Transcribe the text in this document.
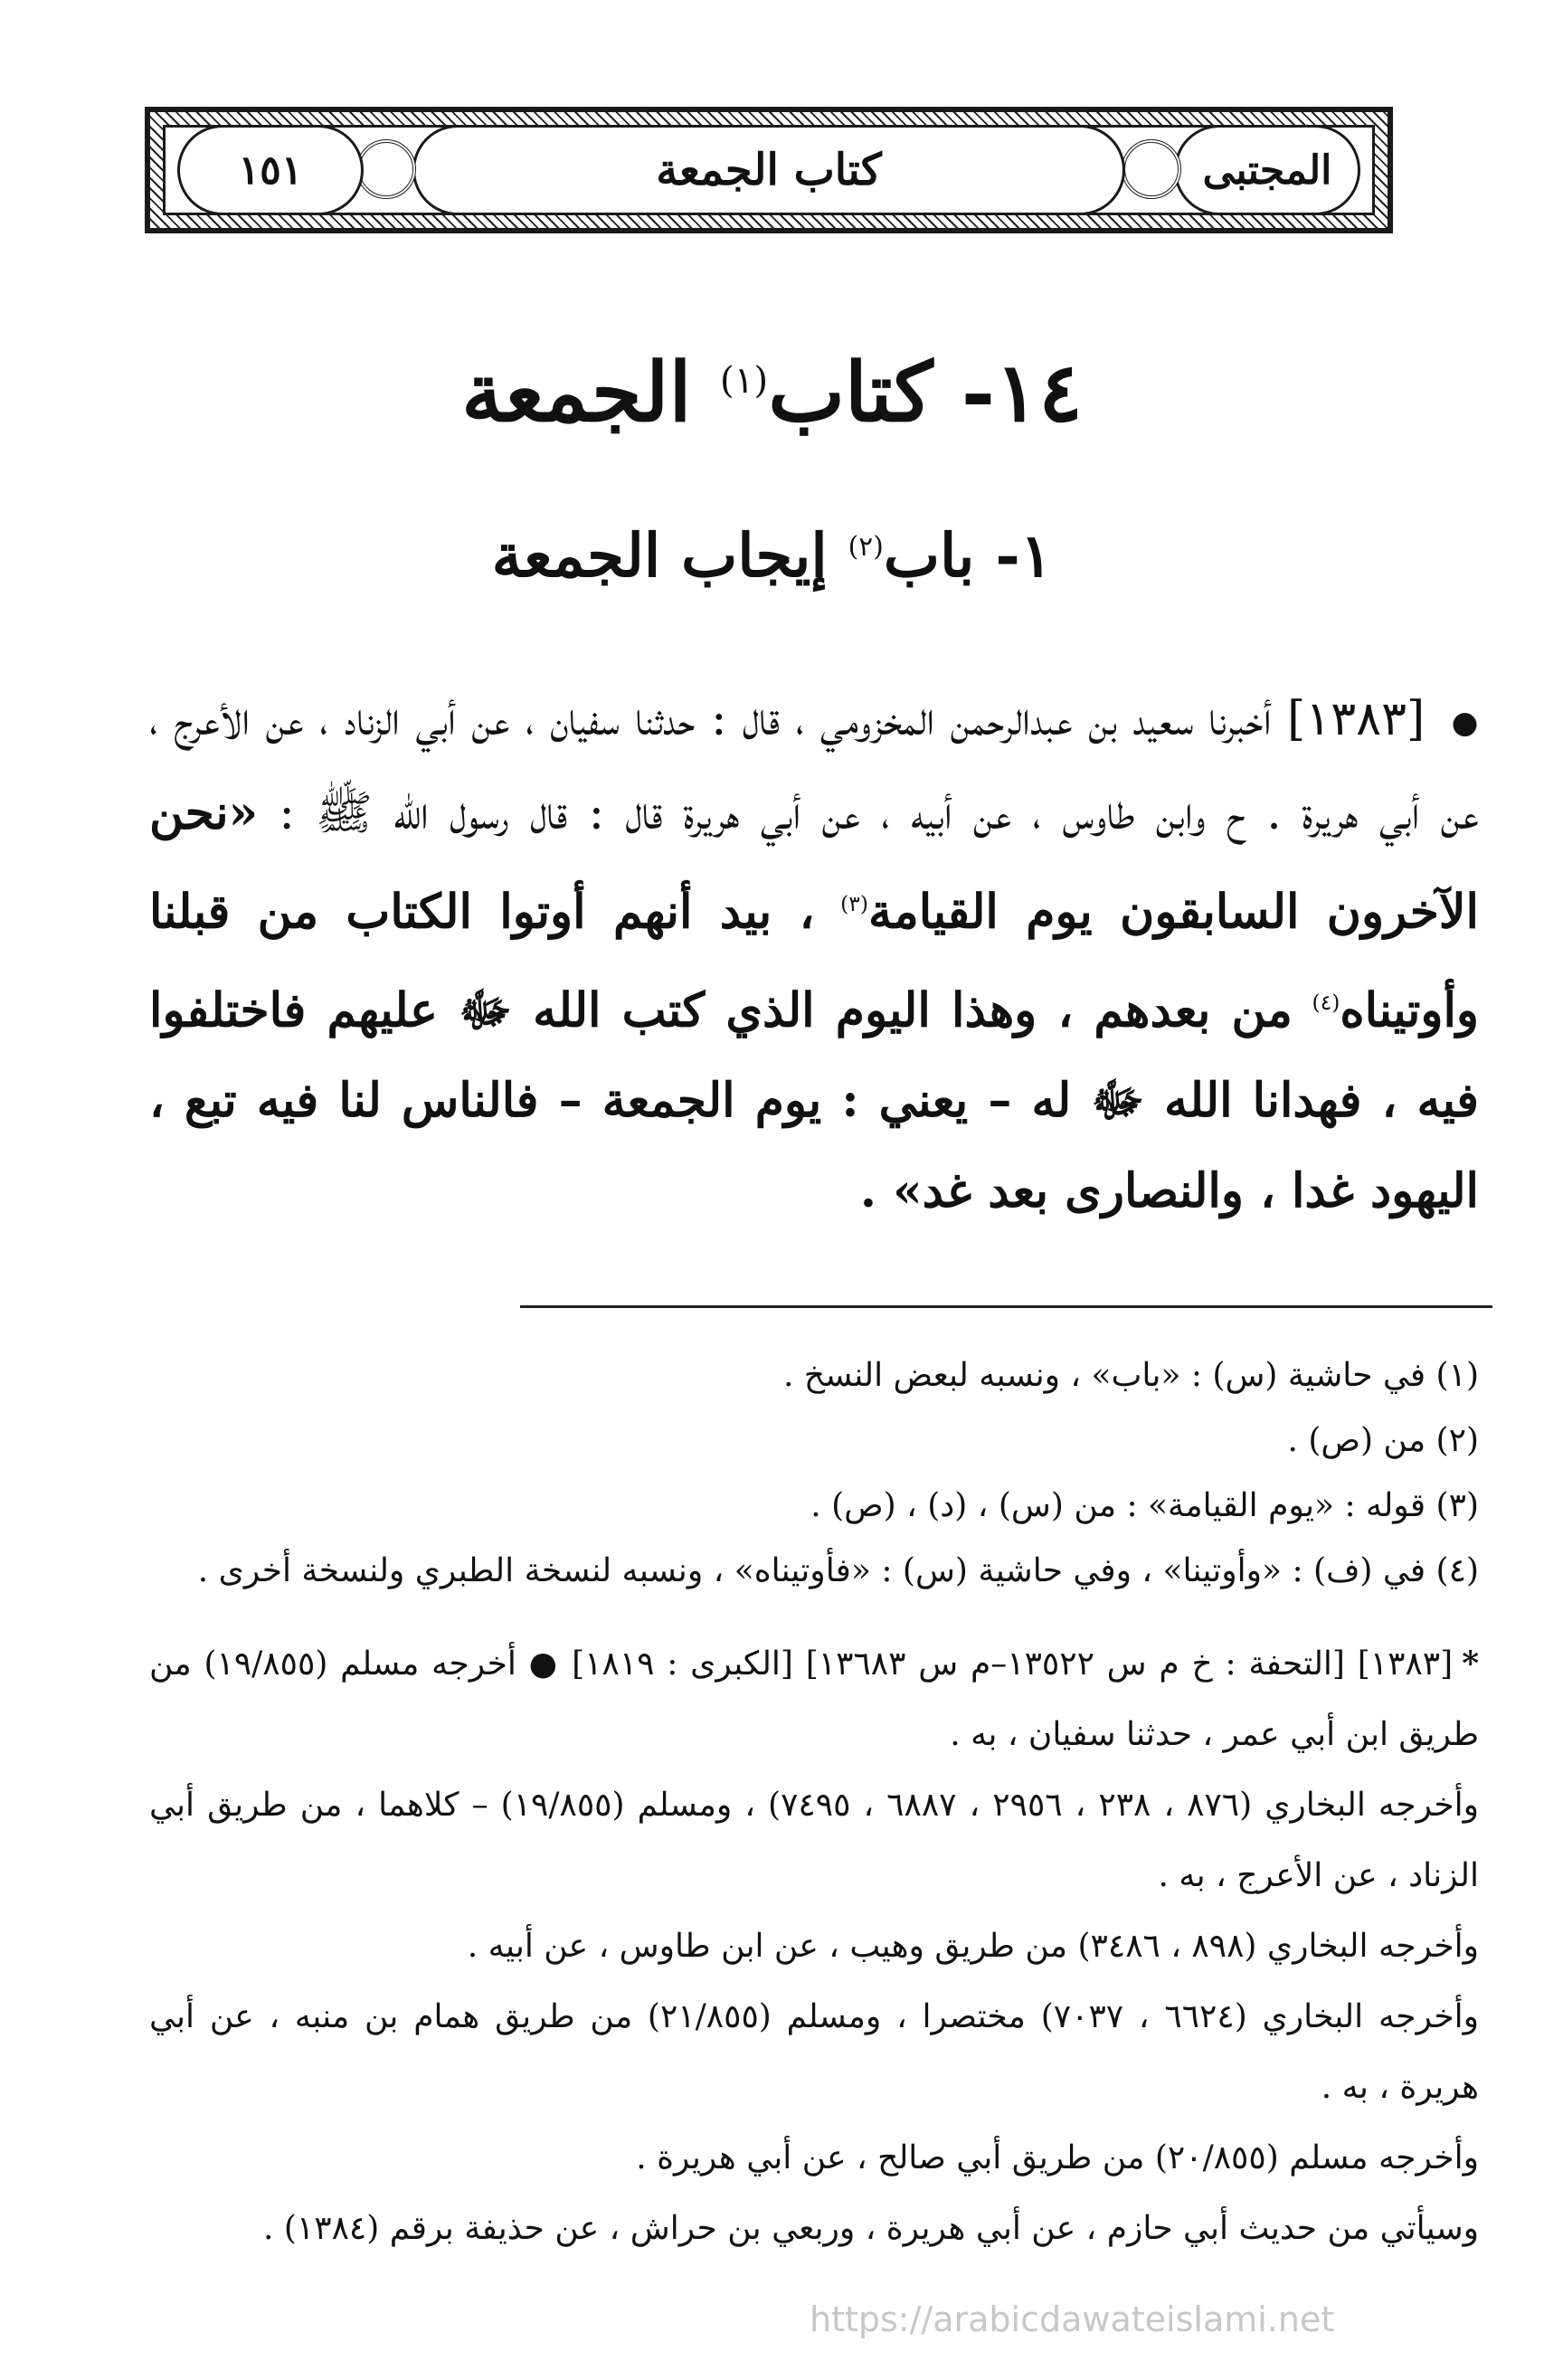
المجتبى
كتاب الجمعة
١٥١
١٤- كتاب$^{(١)}$ الجمعة
١- باب$^{(٢)}$ إيجاب الجمعة
● [١٣٨٣] أخبرنا سعيد بن عبدالرحمن المخزومي ، قال : حدثنا سفيان ، عن أبي الزناد ، عن الأعرج ، عن أبي هريرة . ح وابن طاوس ، عن أبيه ، عن أبي هريرة قال : قال رسول الله ﷺ : «نحن الآخرون السابقون يوم القيامة$^{(٣)}$ ، بيد أنهم أوتوا الكتاب من قبلنا وأوتيناه$^{(٤)}$ من بعدهم ، وهذا اليوم الذي كتب الله ﷻ عليهم فاختلفوا فيه ، فهدانا الله ﷻ له – يعني : يوم الجمعة – فالناس لنا فيه تبع ، اليهود غدا ، والنصارى بعد غد» .
(١) في حاشية (س) : «باب» ، ونسبه لبعض النسخ .
(٢) من (ص) .
(٣) قوله : «يوم القيامة» : من (س) ، (د) ، (ص) .
(٤) في (ف) : «وأوتينا» ، وفي حاشية (س) : «فأوتيناه» ، ونسبه لنسخة الطبري ولنسخة أخرى .

*[١٣٨٣] [التحفة : خ م س ١٣٥٢٢–م س ١٣٦٨٣] [الكبرى : ١٨١٩] ● أخرجه مسلم (١٩/٨٥٥) من طريق ابن أبي عمر ، حدثنا سفيان ، به .

وأخرجه البخاري (٨٧٦ ، ٢٣٨ ، ٢٩٥٦ ، ٦٨٨٧ ، ٧٤٩٥) ، ومسلم (١٩/٨٥٥) – كلاهما ، من طريق أبي الزناد ، عن الأعرج ، به .

وأخرجه البخاري (٨٩٨ ، ٣٤٨٦) من طريق وهيب ، عن ابن طاوس ، عن أبيه .

وأخرجه البخاري (٦٦٢٤ ، ٧٠٣٧) مختصرا ، ومسلم (٢١/٨٥٥) من طريق همام بن منبه ، عن أبي هريرة ، به .

وأخرجه مسلم (٢٠/٨٥٥) من طريق أبي صالح ، عن أبي هريرة .

وسيأتي من حديث أبي حازم ، عن أبي هريرة ، وربعي بن حراش ، عن حذيفة برقم (١٣٨٤) .

https://arabicdawateislami.net
